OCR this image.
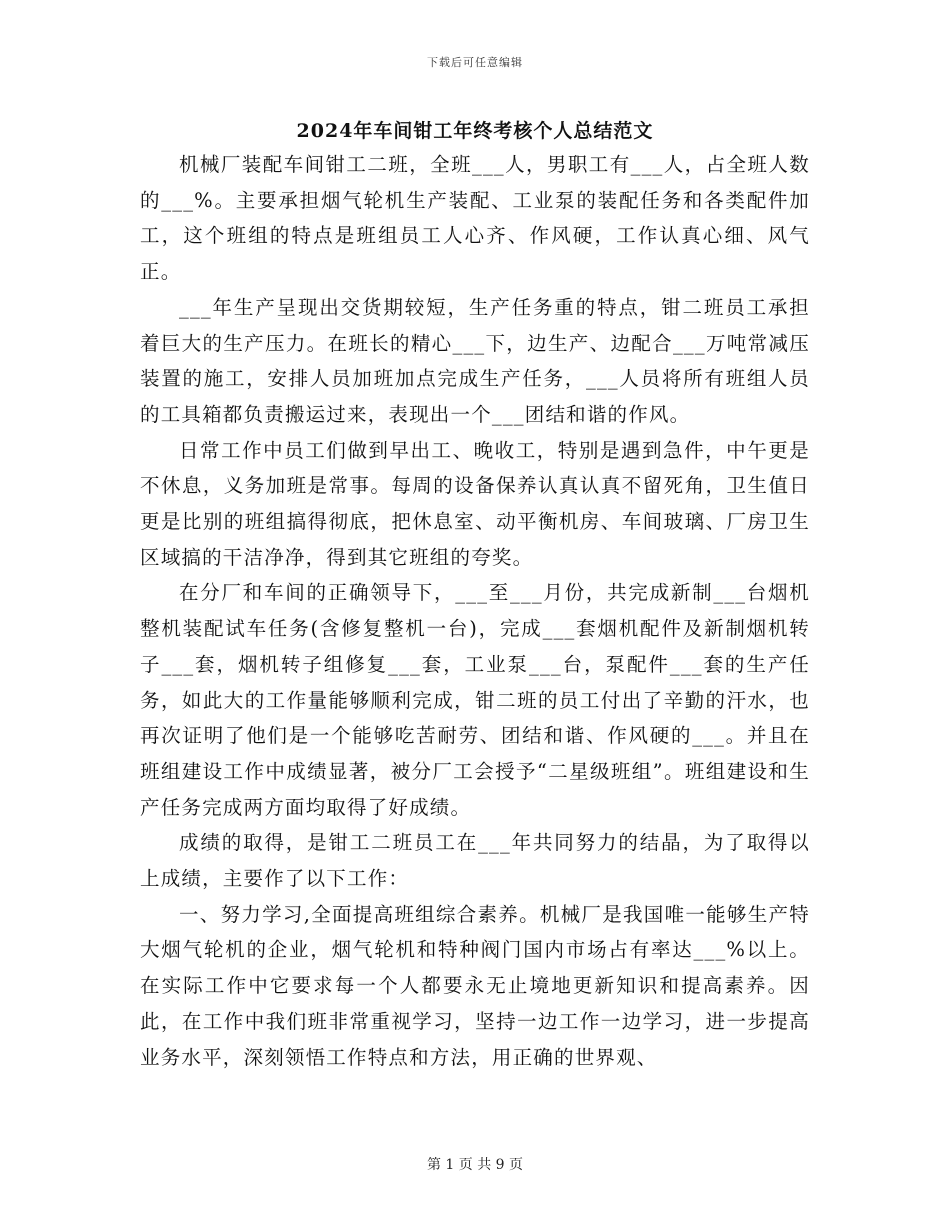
下载后可任意编辑
2024年车间钳工年终考核个人总结范文

机械厂装配车间钳工二班，全班___人，男职工有___人，占全班人数的___%。主要承担烟气轮机生产装配、工业泵的装配任务和各类配件加工，这个班组的特点是班组员工人心齐、作风硬，工作认真心细、风气正。

___年生产呈现出交货期较短，生产任务重的特点，钳二班员工承担着巨大的生产压力。在班长的精心___下，边生产、边配合___万吨常减压装置的施工，安排人员加班加点完成生产任务，___人员将所有班组人员的工具箱都负责搬运过来，表现出一个___团结和谐的作风。

日常工作中员工们做到早出工、晚收工，特别是遇到急件，中午更是不休息，义务加班是常事。每周的设备保养认真认真不留死角，卫生值日更是比别的班组搞得彻底，把休息室、动平衡机房、车间玻璃、厂房卫生区域搞的干洁净净，得到其它班组的夸奖。

在分厂和车间的正确领导下，___至___月份，共完成新制___台烟机整机装配试车任务(含修复整机一台)，完成___套烟机配件及新制烟机转子___套，烟机转子组修复___套，工业泵___台，泵配件___套的生产任务，如此大的工作量能够顺利完成，钳二班的员工付出了辛勤的汗水，也再次证明了他们是一个能够吃苦耐劳、团结和谐、作风硬的___。并且在班组建设工作中成绩显著，被分厂工会授予“二星级班组”。班组建设和生产任务完成两方面均取得了好成绩。

成绩的取得，是钳工二班员工在___年共同努力的结晶，为了取得以上成绩，主要作了以下工作：

一、努力学习,全面提高班组综合素养。机械厂是我国唯一能够生产特大烟气轮机的企业，烟气轮机和特种阀门国内市场占有率达___%以上。在实际工作中它要求每一个人都要永无止境地更新知识和提高素养。因此，在工作中我们班非常重视学习，坚持一边工作一边学习，进一步提高业务水平，深刻领悟工作特点和方法，用正确的世界观、

第 1 页 共 9 页
